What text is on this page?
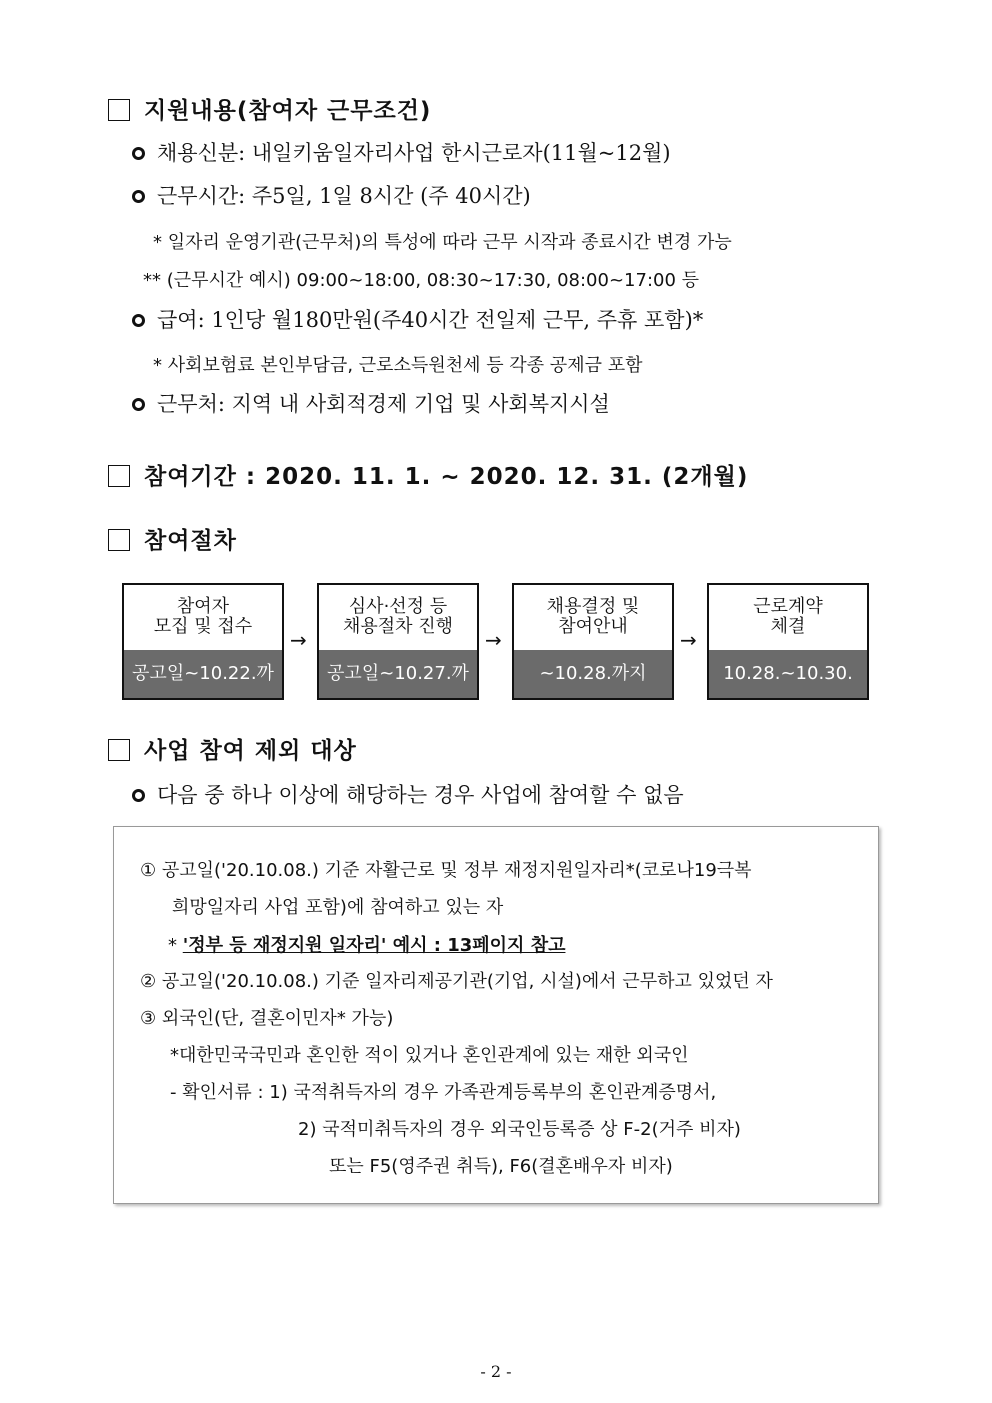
지원내용(참여자 근무조건)
채용신분: 내일키움일자리사업 한시근로자(11월~12월)
근무시간: 주5일, 1일 8시간 (주 40시간)
* 일자리 운영기관(근무처)의 특성에 따라 근무 시작과 종료시간 변경 가능
** (근무시간 예시) 09:00~18:00, 08:30~17:30, 08:00~17:00 등
급여: 1인당 월180만원(주40시간 전일제 근무, 주휴 포함)*
* 사회보험료 본인부담금, 근로소득원천세 등 각종 공제금 포함
근무처: 지역 내 사회적경제 기업 및 사회복지시설
참여기간 : 2020. 11. 1. ~ 2020. 12. 31. (2개월)
참여절차
참여자
모집 및 접수
공고일~10.22.까지
→
심사·선정 등
채용절차 진행
공고일~10.27.까지
→
채용결정 및
참여안내
~10.28.까지
→
근로계약
체결
10.28.~10.30.
사업 참여 제외 대상
다음 중 하나 이상에 해당하는 경우 사업에 참여할 수 없음
① 공고일('20.10.08.) 기준 자활근로 및 정부 재정지원일자리*(코로나19극복
희망일자리 사업 포함)에 참여하고 있는 자
* '정부 등 재정지원 일자리' 예시 : 13페이지 참고
② 공고일('20.10.08.) 기준 일자리제공기관(기업, 시설)에서 근무하고 있었던 자
③ 외국인(단, 결혼이민자* 가능)
*대한민국국민과 혼인한 적이 있거나 혼인관계에 있는 재한 외국인
- 확인서류 : 1) 국적취득자의 경우 가족관계등록부의 혼인관계증명서,
2) 국적미취득자의 경우 외국인등록증 상 F-2(거주 비자)
또는 F5(영주권 취득), F6(결혼배우자 비자)
- 2 -
